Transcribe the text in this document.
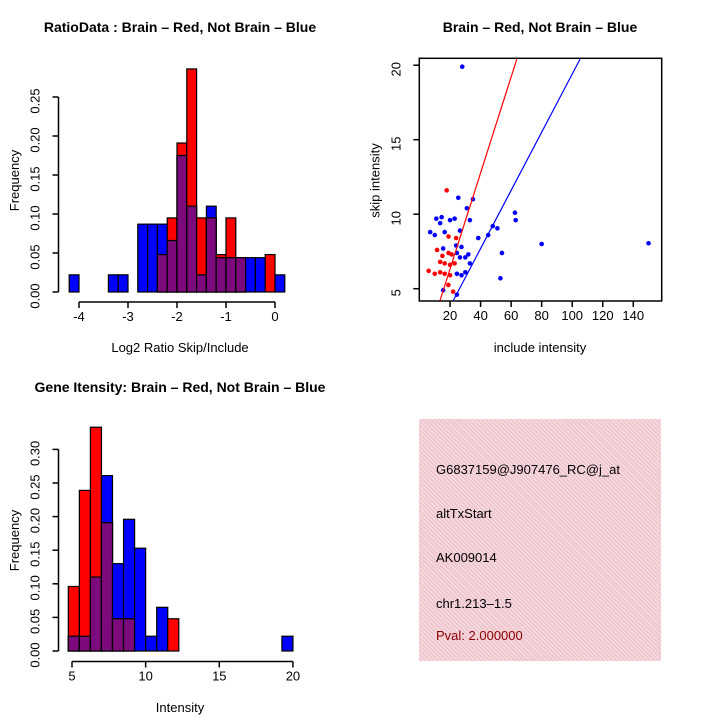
RatioData : Brain – Red, Not Brain – Blue
0.00
0.05
0.10
0.15
0.20
0.25
-4	-3	-2	-1	0
Log2 Ratio Skip/Include
Frequency
Brain – Red, Not Brain – Blue
20 40 60 80 100 120 140
5
10
15
20
include intensity
skip intensity
Gene Itensity: Brain – Red, Not Brain – Blue
0.00
0.05
0.10
0.15
0.20
0.25
0.30
5	10	15	20
Intensity
Frequency
G6837159@J907476_RC@j_at
altTxStart
AK009014
chr1.213–1.5
Pval: 2.000000
